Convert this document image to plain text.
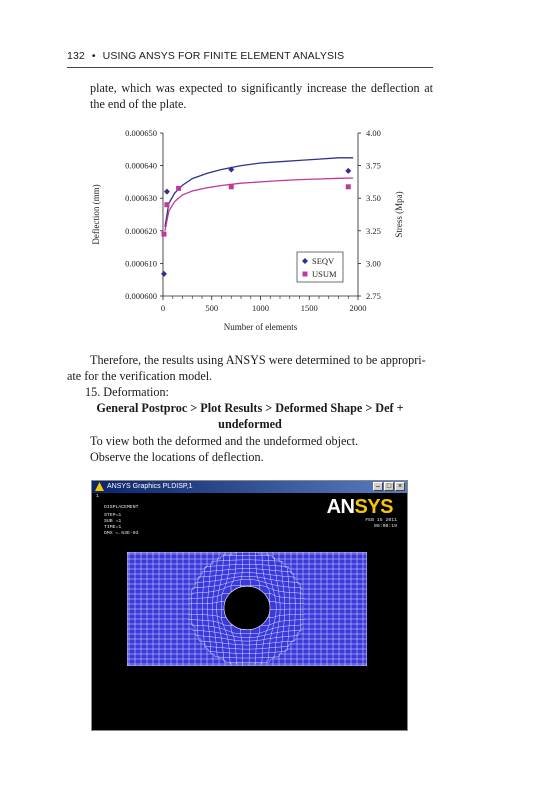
132 • USING ANSYS FOR FINITE ELEMENT ANALYSIS
plate, which was expected to significantly increase the deflection at the end of the plate.
0.000600
0.000610
0.000620
0.000630
0.000640
0.000650
2.75
3.00
3.25
3.50
3.75
4.00
0	500	1000	1500	2000
Number of elements
Deflection (mm)	Stress (Mpa)
SEQV
USUM
Therefore, the results using ANSYS were determined to be appropri-
ate for the verification model.
15. Deformation:
General Postproc > Plot Results > Deformed Shape > Def +
undeformed
To view both the deformed and the undeformed object.
Observe the locations of deflection.
ANSYS Graphics PLDISP,1	– □ ×
1
DISPLACEMENT
STEP=1
SUB =1
TIME=1
DMX =.63E-03
ANSYS
FEB 15 2011
09:00:19
